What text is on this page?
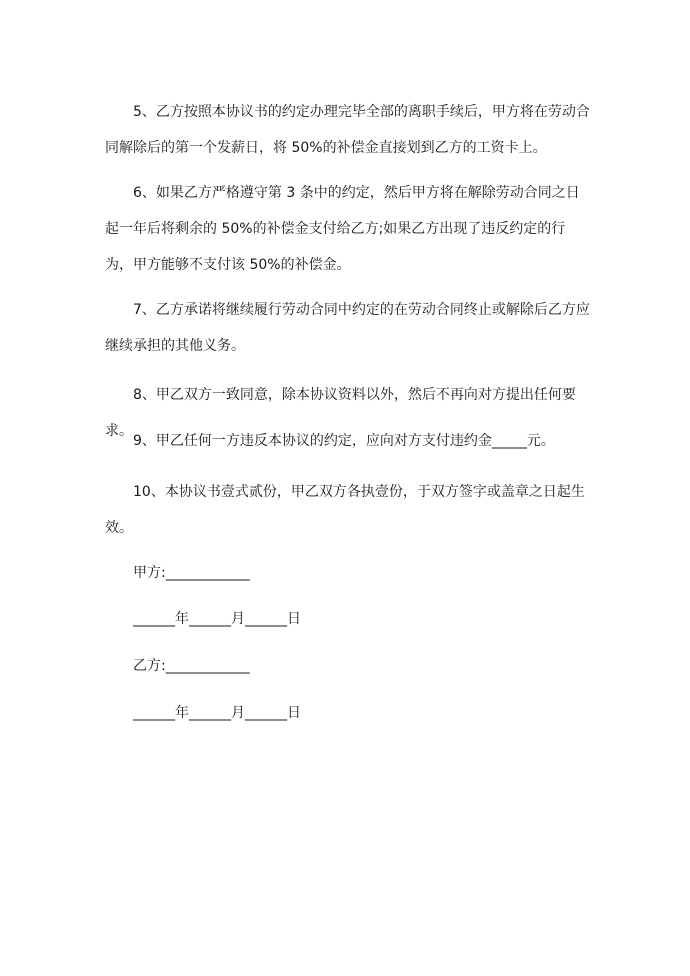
5、乙方按照本协议书的约定办理完毕全部的离职手续后，甲方将在劳动合同解除后的第一个发薪日，将 50%的补偿金直接划到乙方的工资卡上。

6、如果乙方严格遵守第 3 条中的约定，然后甲方将在解除劳动合同之日起一年后将剩余的 50%的补偿金支付给乙方;如果乙方出现了违反约定的行为，甲方能够不支付该 50%的补偿金。

7、乙方承诺将继续履行劳动合同中约定的在劳动合同终止或解除后乙方应继续承担的其他义务。

8、甲乙双方一致同意，除本协议资料以外，然后不再向对方提出任何要求。

9、甲乙任何一方违反本协议的约定，应向对方支付违约金_____元。

10、本协议书壹式贰份，甲乙双方各执壹份，于双方签字或盖章之日起生效。

甲方:____________

______年______月______日

乙方:____________

______年______月______日
